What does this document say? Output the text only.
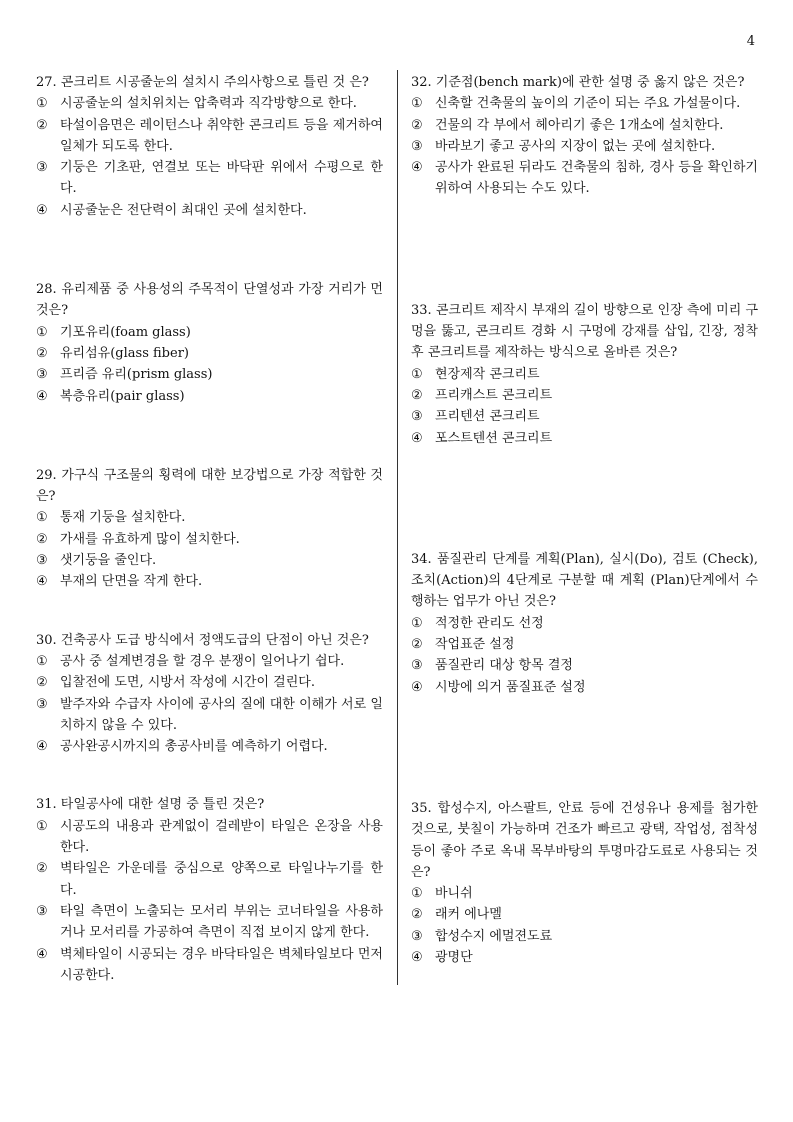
4
27. 콘크리트 시공줄눈의 설치시 주의사항으로 틀린 것 은?
① 시공줄눈의 설치위치는 압축력과 직각방향으로 한다.
② 타설이음면은 레이턴스나 취약한 콘크리트 등을 제거하여 일체가 되도록 한다.
③ 기둥은 기초판, 연결보 또는 바닥판 위에서 수평으로 한다.
④ 시공줄눈은 전단력이 최대인 곳에 설치한다.
28. 유리제품 중 사용성의 주목적이 단열성과 가장 거리가 먼 것은?
① 기포유리(foam glass)
② 유리섬유(glass fiber)
③ 프리즘 유리(prism glass)
④ 복층유리(pair glass)
29. 가구식 구조물의 횡력에 대한 보강법으로 가장 적합한 것은?
① 통재 기둥을 설치한다.
② 가새를 유효하게 많이 설치한다.
③ 샛기둥을 줄인다.
④ 부재의 단면을 작게 한다.
30. 건축공사 도급 방식에서 정액도급의 단점이 아닌 것은?
① 공사 중 설계변경을 할 경우 분쟁이 일어나기 쉽다.
② 입찰전에 도면, 시방서 작성에 시간이 걸린다.
③ 발주자와 수급자 사이에 공사의 질에 대한 이해가 서로 일치하지 않을 수 있다.
④ 공사완공시까지의 총공사비를 예측하기 어렵다.
31. 타일공사에 대한 설명 중 틀린 것은?
① 시공도의 내용과 관계없이 걸레받이 타일은 온장을 사용한다.
② 벽타일은 가운데를 중심으로 양쪽으로 타일나누기를 한다.
③ 타일 측면이 노출되는 모서리 부위는 코너타일을 사용하거나 모서리를 가공하여 측면이 직접 보이지 않게 한다.
④ 벽체타일이 시공되는 경우 바닥타일은 벽체타일보다 먼저 시공한다.
32. 기준점(bench mark)에 관한 설명 중 옳지 않은 것은?
① 신축할 건축물의 높이의 기준이 되는 주요 가설물이다.
② 건물의 각 부에서 헤아리기 좋은 1개소에 설치한다.
③ 바라보기 좋고 공사의 지장이 없는 곳에 설치한다.
④ 공사가 완료된 뒤라도 건축물의 침하, 경사 등을 확인하기 위하여 사용되는 수도 있다.
33. 콘크리트 제작시 부재의 길이 방향으로 인장 측에 미리 구멍을 뚫고, 콘크리트 경화 시 구멍에 강재를 삽입, 긴장, 정착 후 콘크리트를 제작하는 방식으로 올바른 것은?
① 현장제작 콘크리트
② 프리캐스트 콘크리트
③ 프리텐션 콘크리트
④ 포스트텐션 콘크리트
34. 품질관리 단계를 계획(Plan), 실시(Do), 검토 (Check), 조치(Action)의 4단계로 구분할 때 계획 (Plan)단계에서 수행하는 업무가 아닌 것은?
① 적정한 관리도 선정
② 작업표준 설정
③ 품질관리 대상 항목 결정
④ 시방에 의거 품질표준 설정
35. 합성수지, 아스팔트, 안료 등에 건성유나 용제를 첨가한 것으로, 붓칠이 가능하며 건조가 빠르고 광택, 작업성, 점착성 등이 좋아 주로 옥내 목부바탕의 투명마감도료로 사용되는 것은?
① 바니쉬
② 래커 에나멜
③ 합성수지 에멀젼도료
④ 광명단
